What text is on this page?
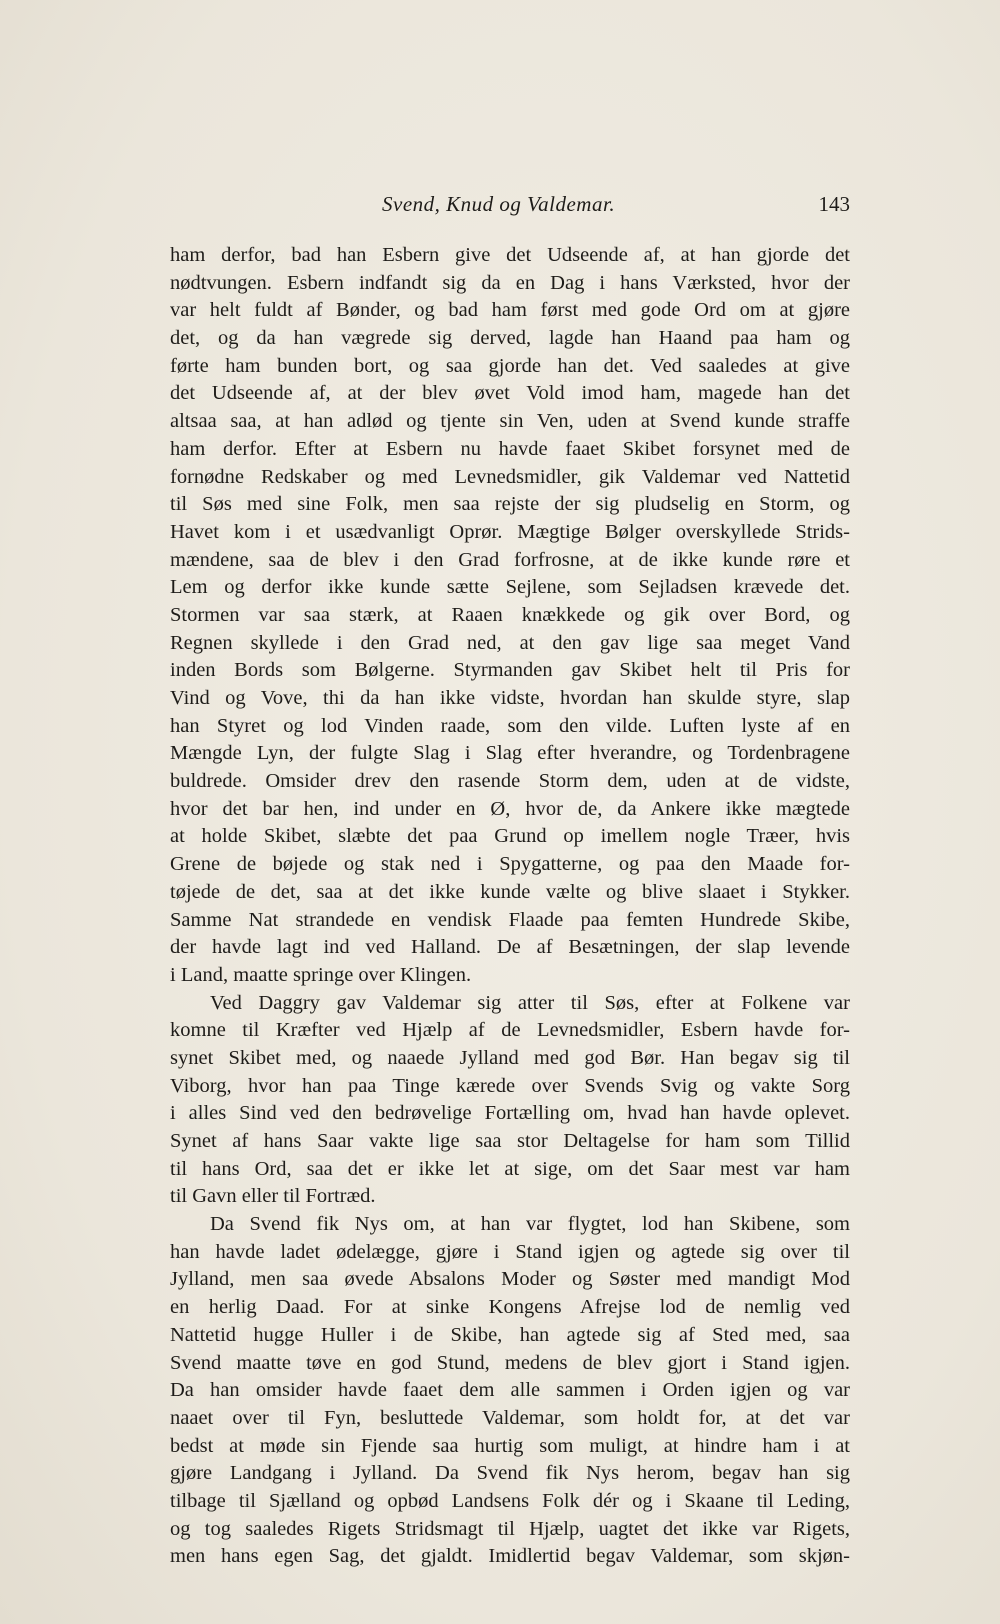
Svend, Knud og Valdemar.	143
ham derfor, bad han Esbern give det Udseende af, at han gjorde det
nødtvungen. Esbern indfandt sig da en Dag i hans Værksted, hvor der
var helt fuldt af Bønder, og bad ham først med gode Ord om at gjøre
det, og da han vægrede sig derved, lagde han Haand paa ham og
førte ham bunden bort, og saa gjorde han det. Ved saaledes at give
det Udseende af, at der blev øvet Vold imod ham, magede han det
altsaa saa, at han adlød og tjente sin Ven, uden at Svend kunde straffe
ham derfor. Efter at Esbern nu havde faaet Skibet forsynet med de
fornødne Redskaber og med Levnedsmidler, gik Valdemar ved Nattetid
til Søs med sine Folk, men saa rejste der sig pludselig en Storm, og
Havet kom i et usædvanligt Oprør. Mægtige Bølger overskyllede Strids-
mændene, saa de blev i den Grad forfrosne, at de ikke kunde røre et
Lem og derfor ikke kunde sætte Sejlene, som Sejladsen krævede det.
Stormen var saa stærk, at Raaen knækkede og gik over Bord, og
Regnen skyllede i den Grad ned, at den gav lige saa meget Vand
inden Bords som Bølgerne. Styrmanden gav Skibet helt til Pris for
Vind og Vove, thi da han ikke vidste, hvordan han skulde styre, slap
han Styret og lod Vinden raade, som den vilde. Luften lyste af en
Mængde Lyn, der fulgte Slag i Slag efter hverandre, og Tordenbragene
buldrede. Omsider drev den rasende Storm dem, uden at de vidste,
hvor det bar hen, ind under en Ø, hvor de, da Ankere ikke mægtede
at holde Skibet, slæbte det paa Grund op imellem nogle Træer, hvis
Grene de bøjede og stak ned i Spygatterne, og paa den Maade for-
tøjede de det, saa at det ikke kunde vælte og blive slaaet i Stykker.
Samme Nat strandede en vendisk Flaade paa femten Hundrede Skibe,
der havde lagt ind ved Halland. De af Besætningen, der slap levende
i Land, maatte springe over Klingen.
Ved Daggry gav Valdemar sig atter til Søs, efter at Folkene var
komne til Kræfter ved Hjælp af de Levnedsmidler, Esbern havde for-
synet Skibet med, og naaede Jylland med god Bør. Han begav sig til
Viborg, hvor han paa Tinge kærede over Svends Svig og vakte Sorg
i alles Sind ved den bedrøvelige Fortælling om, hvad han havde oplevet.
Synet af hans Saar vakte lige saa stor Deltagelse for ham som Tillid
til hans Ord, saa det er ikke let at sige, om det Saar mest var ham
til Gavn eller til Fortræd.
Da Svend fik Nys om, at han var flygtet, lod han Skibene, som
han havde ladet ødelægge, gjøre i Stand igjen og agtede sig over til
Jylland, men saa øvede Absalons Moder og Søster med mandigt Mod
en herlig Daad. For at sinke Kongens Afrejse lod de nemlig ved
Nattetid hugge Huller i de Skibe, han agtede sig af Sted med, saa
Svend maatte tøve en god Stund, medens de blev gjort i Stand igjen.
Da han omsider havde faaet dem alle sammen i Orden igjen og var
naaet over til Fyn, besluttede Valdemar, som holdt for, at det var
bedst at møde sin Fjende saa hurtig som muligt, at hindre ham i at
gjøre Landgang i Jylland. Da Svend fik Nys herom, begav han sig
tilbage til Sjælland og opbød Landsens Folk dér og i Skaane til Leding,
og tog saaledes Rigets Stridsmagt til Hjælp, uagtet det ikke var Rigets,
men hans egen Sag, det gjaldt. Imidlertid begav Valdemar, som skjøn-
